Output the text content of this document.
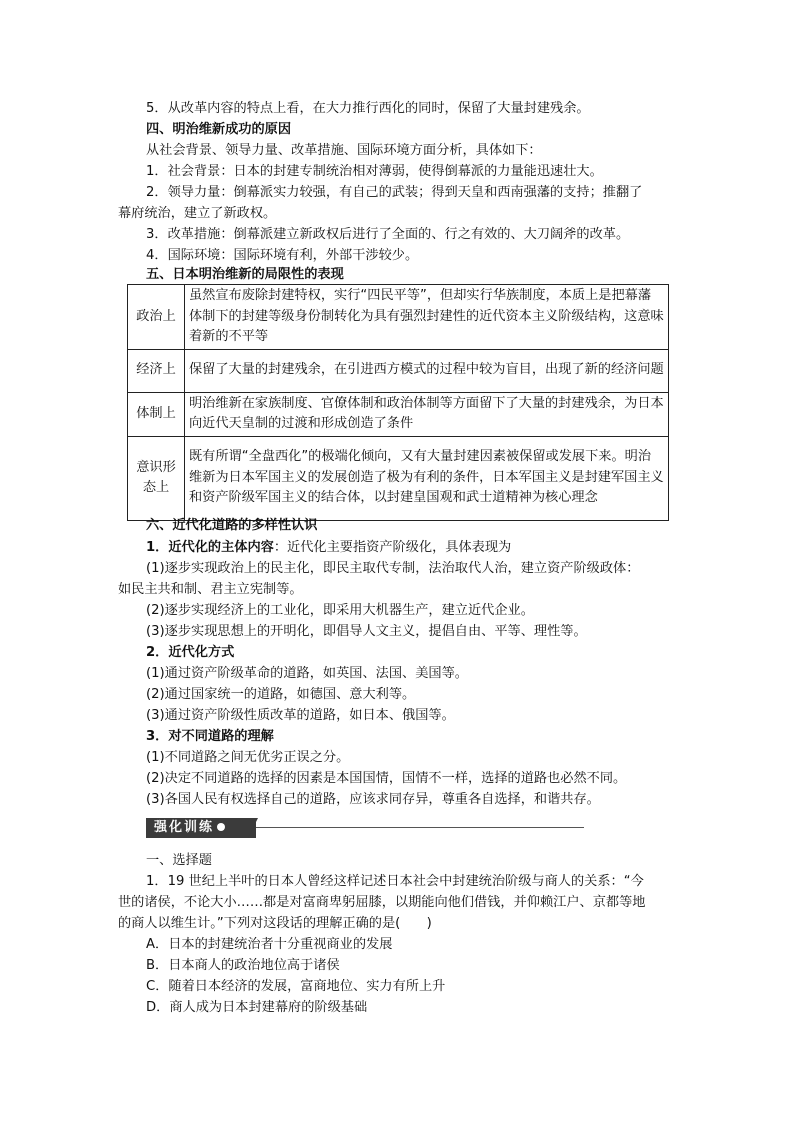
5．从改革内容的特点上看，在大力推行西化的同时，保留了大量封建残余。
四、明治维新成功的原因
从社会背景、领导力量、改革措施、国际环境方面分析，具体如下：
1．社会背景：日本的封建专制统治相对薄弱，使得倒幕派的力量能迅速壮大。
2．领导力量：倒幕派实力较强，有自己的武装；得到天皇和西南强藩的支持；推翻了
幕府统治，建立了新政权。
3．改革措施：倒幕派建立新政权后进行了全面的、行之有效的、大刀阔斧的改革。
4．国际环境：国际环境有利，外部干涉较少。
五、日本明治维新的局限性的表现
政治上	虽然宣布废除封建特权，实行“四民平等”，但却实行华族制度，本质上是把幕藩体制下的封建等级身份制转化为具有强烈封建性的近代资本主义阶级结构，这意味着新的不平等
经济上	保留了大量的封建残余，在引进西方模式的过程中较为盲目，出现了新的经济问题
体制上	明治维新在家族制度、官僚体制和政治体制等方面留下了大量的封建残余，为日本向近代天皇制的过渡和形成创造了条件
意识形态上	既有所谓“全盘西化”的极端化倾向，又有大量封建因素被保留或发展下来。明治维新为日本军国主义的发展创造了极为有利的条件，日本军国主义是封建军国主义和资产阶级军国主义的结合体，以封建皇国观和武士道精神为核心理念
六、近代化道路的多样性认识
1．近代化的主体内容：近代化主要指资产阶级化，具体表现为
(1)逐步实现政治上的民主化，即民主取代专制，法治取代人治，建立资产阶级政体：
如民主共和制、君主立宪制等。
(2)逐步实现经济上的工业化，即采用大机器生产，建立近代企业。
(3)逐步实现思想上的开明化，即倡导人文主义，提倡自由、平等、理性等。
2．近代化方式
(1)通过资产阶级革命的道路，如英国、法国、美国等。
(2)通过国家统一的道路，如德国、意大利等。
(3)通过资产阶级性质改革的道路，如日本、俄国等。
3．对不同道路的理解
(1)不同道路之间无优劣正误之分。
(2)决定不同道路的选择的因素是本国国情，国情不一样，选择的道路也必然不同。
(3)各国人民有权选择自己的道路，应该求同存异，尊重各自选择，和谐共存。
强化训练
一、选择题
1．19 世纪上半叶的日本人曾经这样记述日本社会中封建统治阶级与商人的关系：“今
世的诸侯，不论大小……都是对富商卑躬屈膝，以期能向他们借钱，并仰赖江户、京都等地
的商人以维生计。”下列对这段话的理解正确的是(　　)
A．日本的封建统治者十分重视商业的发展
B．日本商人的政治地位高于诸侯
C．随着日本经济的发展，富商地位、实力有所上升
D．商人成为日本封建幕府的阶级基础
